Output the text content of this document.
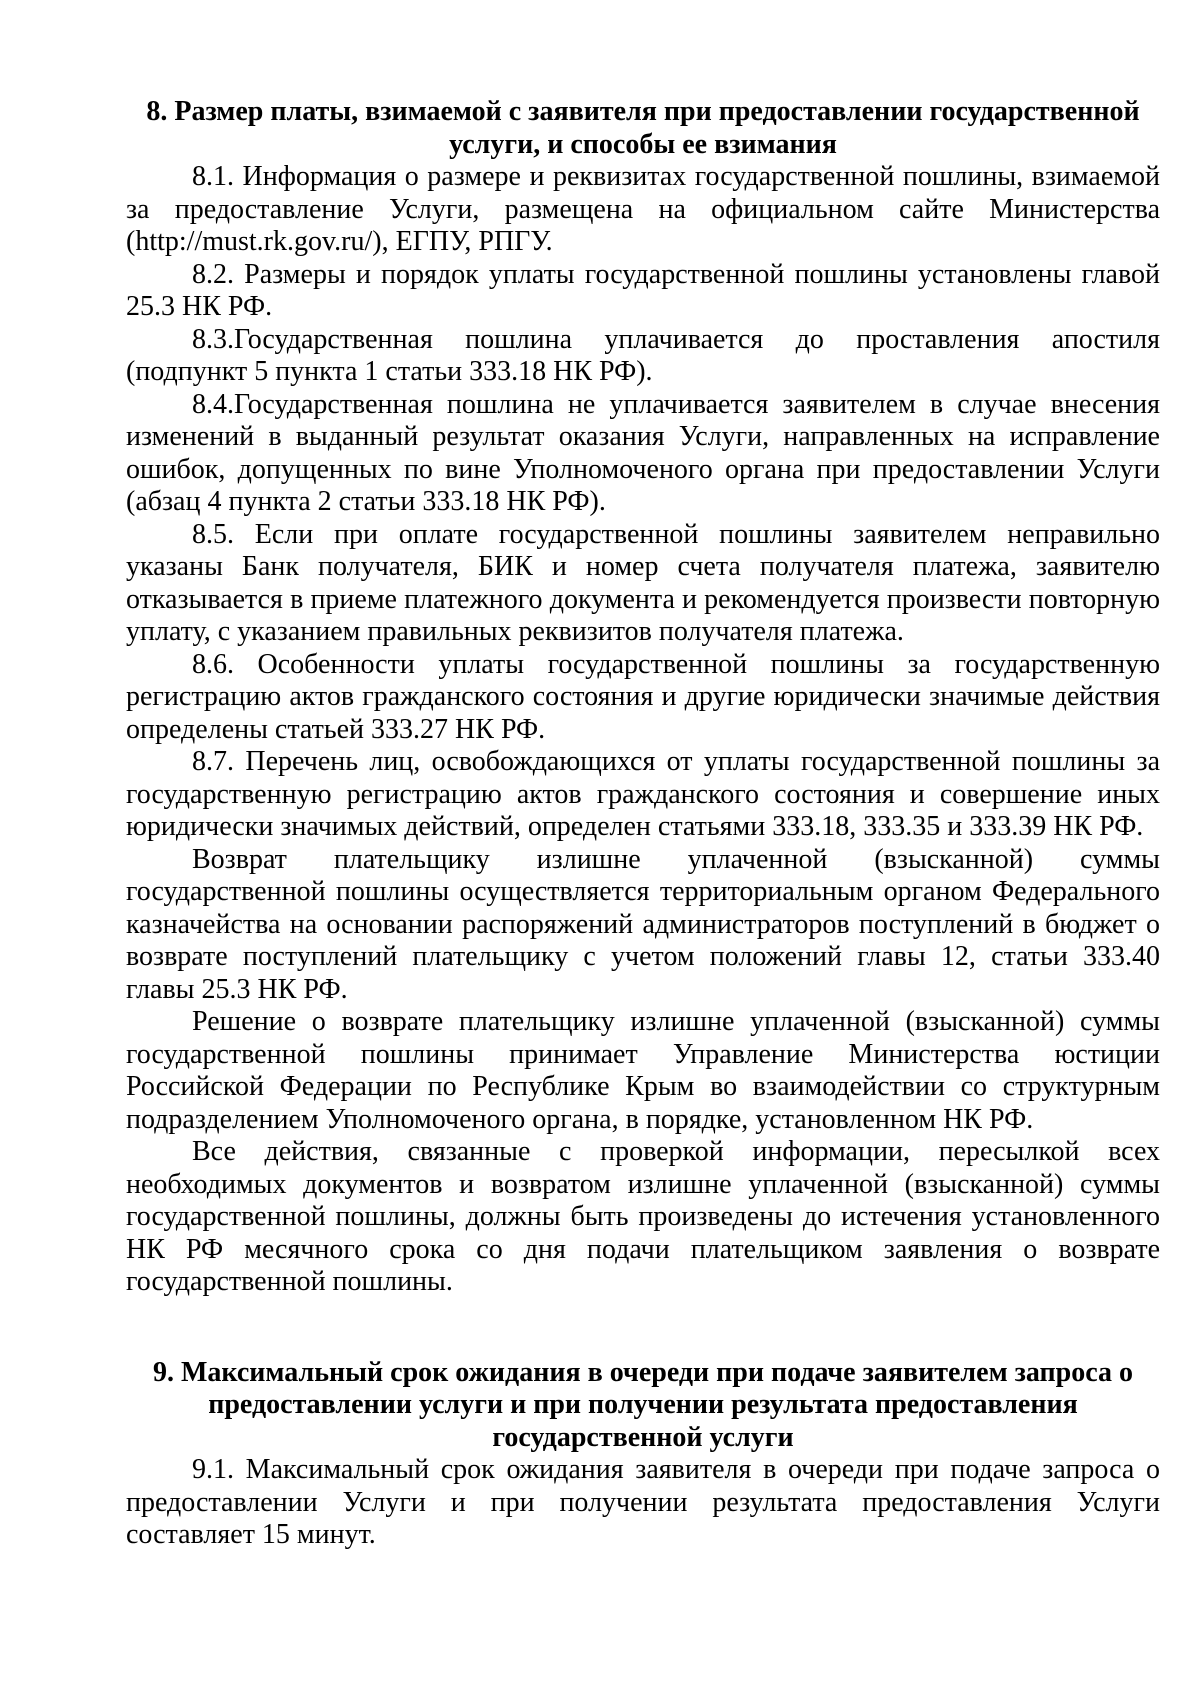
8. Размер платы, взимаемой с заявителя при предоставлении государственной услуги, и способы ее взимания

8.1. Информация о размере и реквизитах государственной пошлины, взимаемой за предоставление Услуги, размещена на официальном сайте Министерства (http://must.rk.gov.ru/), ЕГПУ, РПГУ.

8.2. Размеры и порядок уплаты государственной пошлины установлены главой 25.3 НК РФ.

8.3.Государственная пошлина уплачивается до проставления апостиля (подпункт 5 пункта 1 статьи 333.18 НК РФ).

8.4.Государственная пошлина не уплачивается заявителем в случае внесения изменений в выданный результат оказания Услуги, направленных на исправление ошибок, допущенных по вине Уполномоченого органа при предоставлении Услуги (абзац 4 пункта 2 статьи 333.18 НК РФ).

8.5. Если при оплате государственной пошлины заявителем неправильно указаны Банк получателя, БИК и номер счета получателя платежа, заявителю отказывается в приеме платежного документа и рекомендуется произвести повторную уплату, с указанием правильных реквизитов получателя платежа.

8.6. Особенности уплаты государственной пошлины за государственную регистрацию актов гражданского состояния и другие юридически значимые действия определены статьей 333.27 НК РФ.

8.7. Перечень лиц, освобождающихся от уплаты государственной пошлины за государственную регистрацию актов гражданского состояния и совершение иных юридически значимых действий, определен статьями 333.18, 333.35 и 333.39 НК РФ.

Возврат плательщику излишне уплаченной (взысканной) суммы государственной пошлины осуществляется территориальным органом Федерального казначейства на основании распоряжений администраторов поступлений в бюджет о возврате поступлений плательщику с учетом положений главы 12, статьи 333.40 главы 25.3 НК РФ.

Решение о возврате плательщику излишне уплаченной (взысканной) суммы государственной пошлины принимает Управление Министерства юстиции Российской Федерации по Республике Крым во взаимодействии со структурным подразделением Уполномоченого органа, в порядке, установленном НК РФ.

Все действия, связанные с проверкой информации, пересылкой всех необходимых документов и возвратом излишне уплаченной (взысканной) суммы государственной пошлины, должны быть произведены до истечения установленного НК РФ месячного срока со дня подачи плательщиком заявления о возврате государственной пошлины.

9. Максимальный срок ожидания в очереди при подаче заявителем запроса о предоставлении услуги и при получении результата предоставления государственной услуги

9.1. Максимальный срок ожидания заявителя в очереди при подаче запроса о предоставлении Услуги и при получении результата предоставления Услуги составляет 15 минут.
